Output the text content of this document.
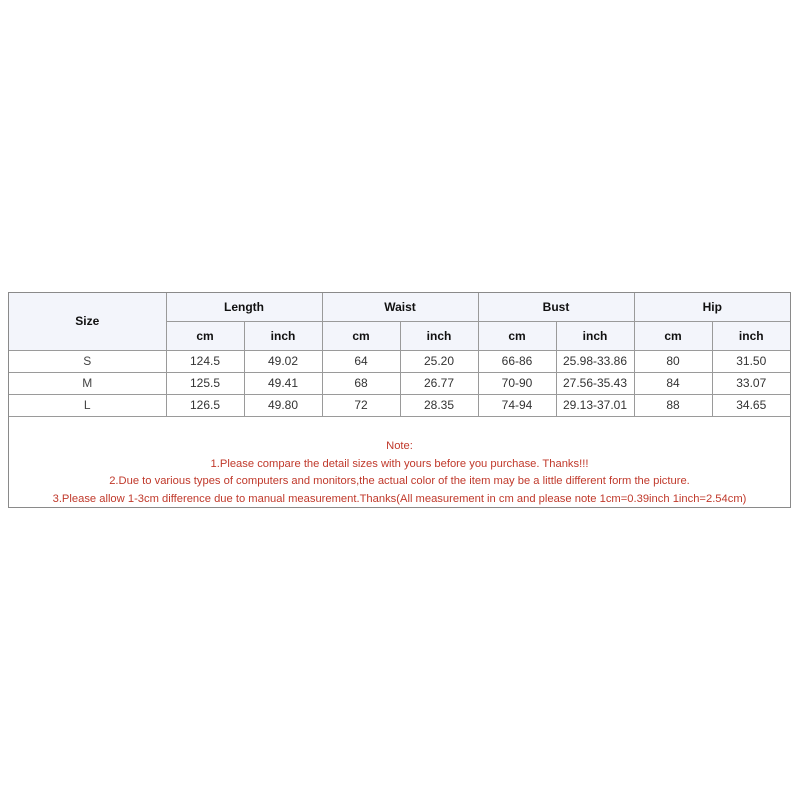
Size	Length		Waist		Bust		Hip	
	cm	inch	cm	inch	cm	inch	cm	inch
S	124.5	49.02	64	25.20	66-86	25.98-33.86	80	31.50
M	125.5	49.41	68	26.77	70-90	27.56-35.43	84	33.07
L	126.5	49.80	72	28.35	74-94	29.13-37.01	88	34.65
Note:
1.Please compare the detail sizes with yours before you purchase. Thanks!!!
2.Due to various types of computers and monitors,the actual color of the item may be a little different form the picture.
3.Please allow 1-3cm difference due to manual measurement.Thanks(All measurement in cm and please note 1cm=0.39inch 1inch=2.54cm)
